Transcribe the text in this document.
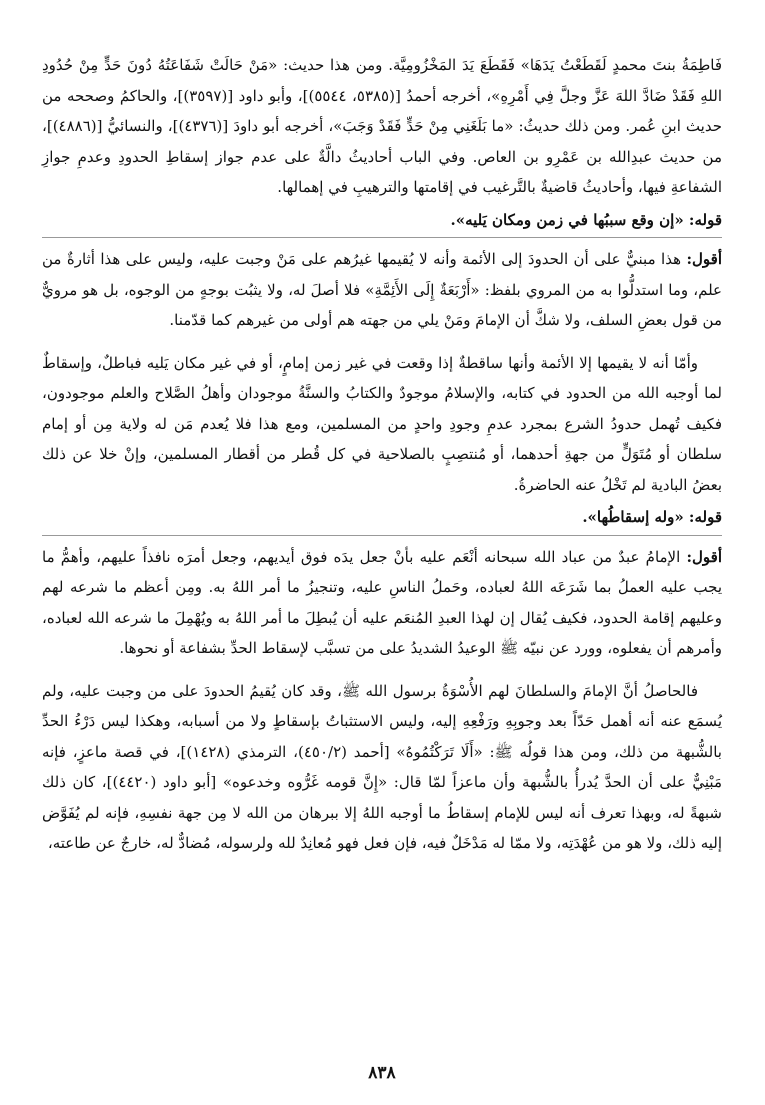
فَاطِمَةُ بنتَ محمدٍ لَقَطَعْتُ يَدَهَا» فَقَطَعَ يَدَ المَخْزُومِيَّة. ومن هذا حديث: «مَنْ حَالَتْ شَفَاعَتُهُ دُونَ حَدٍّ مِنْ حُدُودِ اللهِ فَقَدْ ضَادَّ اللهَ عَزَّ وجلَّ فِي أَمْرِهِ»، أخرجه أحمدُ [(٥٣٨٥، ٥٥٤٤)]، وأبو داود [(٣٥٩٧)]، والحاكمُ وصححه من حديث ابنِ عُمر. ومن ذلك حديثُ: «ما بَلَغَنِي مِنْ حَدٍّ فَقَدْ وَجَبَ»، أخرجه أبو داودَ [(٤٣٧٦)]، والنسائيُّ [(٤٨٨٦)]، من حديث عبدِالله بن عَمْرِو بن العاص. وفي الباب أحاديثُ دالَّةٌ على عدم جواز إسقاطِ الحدودِ وعدمِ جوازِ الشفاعةِ فيها، وأحاديثُ قاضيةٌ بالتَّرغيب في إقامتها والترهيبِ في إهمالها.

قوله: «إن وقع سببُها في زمن ومكان يَليه».

أقول: هذا مبنيٌّ على أن الحدودَ إلى الأئمة وأنه لا يُقيمها غيرُهم على مَنْ وجبت عليه، وليس على هذا أثارةٌ من علم، وما استدلُّوا به من المروي بلفظ: «أَرْبَعَةٌ إِلَى الأَئِمَّةِ» فلا أصلَ له، ولا يثبُت بوجهٍ من الوجوه، بل هو مرويٌّ من قول بعضِ السلف، ولا شكَّ أن الإمامَ ومَنْ يلي من جهته هم أولى من غيرهم كما قدّمنا.

وأمّا أنه لا يقيمها إلا الأئمة وأنها ساقطةٌ إذا وقعت في غير زمن إمامٍ، أو في غير مكان يَليه فباطلٌ، وإسقاطٌ لما أوجبه الله من الحدود في كتابه، والإسلامُ موجودٌ والكتابُ والسنَّةُ موجودان وأهلُ الصَّلاح والعلم موجودون، فكيف تُهمل حدودُ الشرع بمجرد عدمِ وجودِ واحدٍ من المسلمين، ومع هذا فلا يُعدم مَن له ولاية مِن أو إمام سلطان أو مُتَوَلٍّ من جهةِ أحدهما، أو مُنتصِبٍ بالصلاحية في كل قُطر من أقطار المسلمين، وإنْ خلا عن ذلك بعضُ البادية لم تَخْلُ عنه الحاضرةُ.

قوله: «وله إسقاطُها».

أقول: الإمامُ عبدٌ من عباد الله سبحانه أنْعَم عليه بأنْ جعل يدَه فوق أيديهم، وجعل أمرَه نافذاً عليهم، وأهمُّ ما يجب عليه العملُ بما شَرَعَه اللهُ لعباده، وحَملُ الناسِ عليه، وتنجيزُ ما أمر اللهُ به. ومِن أعظم ما شرعه لهم وعليهم إقامة الحدود، فكيف يُقال إن لهذا العبدِ المُنعَم عليه أن يُبطِلَ ما أمر اللهُ به ويُهْمِلَ ما شرعه الله لعباده، وأمرهم أن يفعلوه، وورد عن نبيّه ﷺ الوعيدُ الشديدُ على من تسبَّب لإسقاط الحدِّ بشفاعة أو نحوها.

فالحاصلُ أنَّ الإمامَ والسلطانَ لهم الأُسْوَةُ برسول الله ﷺ، وقد كان يُقيمُ الحدودَ على من وجبت عليه، ولم يُسمَع عنه أنه أهمل حَدّاً بعد وجوبِهِ ورَفْعِهِ إليه، وليس الاستثباتُ بإسقاطٍ ولا من أسبابه، وهكذا ليس دَرْءُ الحدِّ بالشُّبهة من ذلك، ومن هذا قولُه ﷺ: «أَلَا تَرَكْتُمُوهُ» [أحمد (٤٥٠/٢)، الترمذي (١٤٢٨)]، في قصة ماعزٍ، فإنه مَبْنِيٌّ على أن الحدَّ يُدرأُ بالشُّبهة وأن ماعزاً لمّا قال: «إِنَّ قومه غَرُّوه وخدعوه» [أبو داود (٤٤٢٠)]، كان ذلك شبهةً له، وبهذا تعرف أنه ليس للإمام إسقاطُ ما أوجبه اللهُ إلا ببرهان من الله لا مِن جهة نفسِهِ، فإنه لم يُفَوَّض إليه ذلك، ولا هو من عُهْدَتِه، ولا ممّا له مَدْخَلٌ فيه، فإن فعل فهو مُعانِدٌ لله ولرسوله، مُضادٌّ له، خارجٌ عن طاعته،

٨٣٨
